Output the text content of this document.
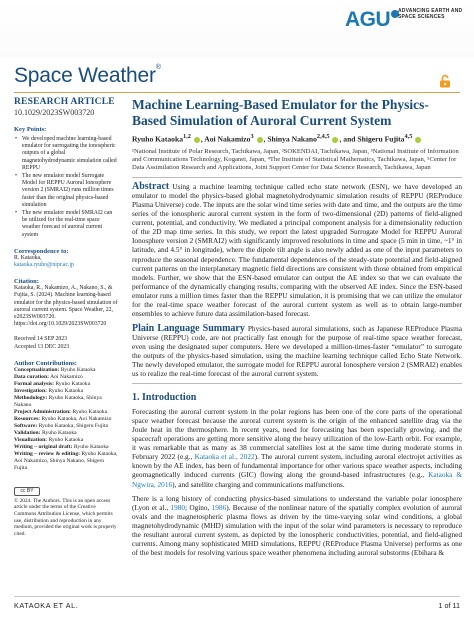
AGU	ADVANCING EARTH AND SPACE SCIENCES
Space Weather®
RESEARCH ARTICLE
10.1029/2023SW003720
Key Points:
• We developed machine learning-based emulator for surrogating the ionospheric outputs of a global magnetohydrodynamic simulation called REPPU
• The new emulator model Surrogate Model for REPPU Auroral Ionosphere version 2 (SMRAI2) runs million times faster than the original physics-based simulation
• The new emulator model SMRAI2 can be utilized for the real-time space weather forecast of auroral current system
Correspondence to:
R. Kataoka,
kataoka.ryuho@nipr.ac.jp
Citation:
Kataoka, R., Nakamizo, A., Nakano, S., & Fujita, S. (2024). Machine learning-based emulator for the physics-based simulation of auroral current system. Space Weather, 22, e2023SW003720. https://doi.org/10.1029/2023SW003720
Received 14 SEP 2023
Accepted 13 DEC 2023
Author Contributions:

Conceptualization: Ryuho Kataoka

Data curation: Aoi Nakamizo

Formal analysis: Ryuho Kataoka

Investigation: Ryuho Kataoka

Methodology: Ryuho Kataoka, Shinya Nakano

Project Administration: Ryuho Kataoka

Resources: Ryuho Kataoka, Aoi Nakamizo

Software: Ryuho Kataoka, Shigeru Fujita

Validation: Ryuho Kataoka

Visualization: Ryuho Kataoka

Writing – original draft: Ryuho Kataoka

Writing – review & editing: Ryuho Kataoka, Aoi Nakamizo, Shinya Nakano, Shigeru Fujita

cc BY
© 2024. The Authors. This is an open access article under the terms of the Creative Commons Attribution License, which permits use, distribution and reproduction in any medium, provided the original work is properly cited.
Machine Learning-Based Emulator for the Physics-Based Simulation of Auroral Current System
Ryuho Kataoka$^{1,2}$ , Aoi Nakamizo$^3$ , Shinya Nakano$^{2,4,5}$ , and Shigeru Fujita$^{4,5}$
¹National Institute of Polar Research, Tachikawa, Japan, ²SOKENDAI, Tachikawa, Japan, ³National Institute of Information and Communications Technology, Koganei, Japan, ⁴The Institute of Statistical Mathematics, Tachikawa, Japan, ⁵Center for Data Assimilation Research and Applications, Joint Support Center for Data Science Research, Tachikawa, Japan
Abstract Using a machine learning technique called echo state network (ESN), we have developed an emulator to model the physics-based global magnetohydrodynamic simulation results of REPPU (REProduce Plasma Universe) code. The inputs are the solar wind time series with date and time, and the outputs are the time series of the ionospheric auroral current system in the form of two-dimensional (2D) patterns of field-aligned current, potential, and conductivity. We mediated a principal component analysis for a dimensionality reduction of the 2D map time series. In this study, we report the latest upgraded Surrogate Model for REPPU Auroral Ionosphere version 2 (SMRAI2) with significantly improved resolutions in time and space (5 min in time, ~1° in latitude, and 4.5° in longitude), where the dipole tilt angle is also newly added as one of the input parameters to reproduce the seasonal dependence. The fundamental dependences of the steady-state potential and field-aligned current patterns on the interplanetary magnetic field directions are consistent with those obtained from empirical models. Further, we show that the ESN-based emulator can output the AE index so that we can evaluate the performance of the dynamically changing results, comparing with the observed AE index. Since the ESN-based emulator runs a million times faster than the REPPU simulation, it is promising that we can utilize the emulator for the real-time space weather forecast of the auroral current system as well as to obtain large-number ensembles to achieve future data assimilation-based forecast.
Plain Language Summary Physics-based auroral simulations, such as Japanese REProduce Plasma Universe (REPPU) code, are not practically fast enough for the purpose of real-time space weather forecast, even using the designated super computers. Here we developed a million-times-faster “emulator” to surrogate the outputs of the physics-based simulation, using the machine learning technique called Echo State Network. The newly developed emulator, the surrogate model for REPPU auroral Ionosphere version 2 (SMRAI2) enables us to realize the real-time forecast of the auroral current system.
1. Introduction
Forecasting the auroral current system in the polar regions has been one of the core parts of the operational space weather forecast because the auroral current system is the origin of the enhanced satellite drag via the Joule heat in the thermosphere. In recent years, need for forecasting has been especially growing, and the spacecraft operations are getting more sensitive along the heavy utilization of the low-Earth orbit. For example, it was remarkable that as many as 38 commercial satellites lost at the same time during moderate storms in February 2022 (e.g., Kataoka et al., 2022). The auroral current system, including auroral electrojet activities as known by the AE index, has been of fundamental importance for other various space weather aspects, including geomagnetically induced currents (GIC) flowing along the ground-based infrastructures (e.g., Kataoka & Ngwira, 2016), and satellite charging and communications malfunctions.
There is a long history of conducting physics-based simulations to understand the variable polar ionosphere (Lyon et al., 1980; Ogino, 1986). Because of the nonlinear nature of the spatially complex evolution of auroral ovals and the magnetospheric plasma flows as driven by the time-varying solar wind conditions, a global magnetohydrodynamic (MHD) simulation with the input of the solar wind parameters is necessary to reproduce the resultant auroral current system, as depicted by the ionospheric conductivities, potential, and field-aligned currents. Among many sophisticated MHD simulations, REPPU (REProduce Plasma Universe) performs as one of the best models for resolving various space weather phenomena including auroral substorms (Ebihara &
KATAOKA ET AL.	1 of 11
